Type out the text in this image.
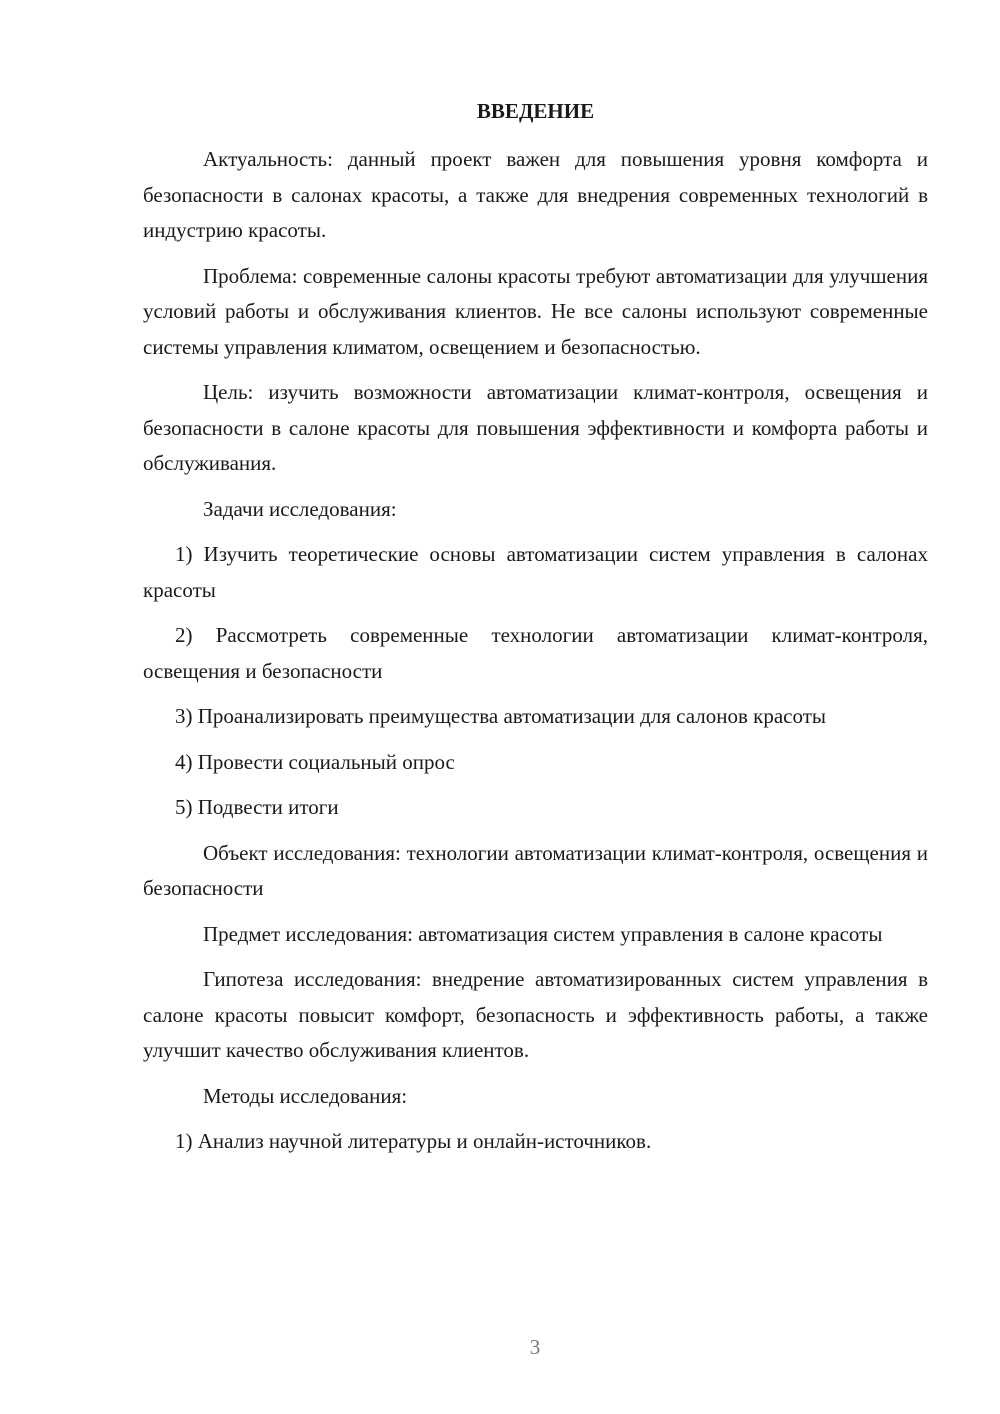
ВВЕДЕНИЕ

Актуальность: данный проект важен для повышения уровня комфорта и безопасности в салонах красоты, а также для внедрения современных технологий в индустрию красоты.

Проблема: современные салоны красоты требуют автоматизации для улучшения условий работы и обслуживания клиентов. Не все салоны используют современные системы управления климатом, освещением и безопасностью.

Цель: изучить возможности автоматизации климат-контроля, освещения и безопасности в салоне красоты для повышения эффективности и комфорта работы и обслуживания.

Задачи исследования:

1) Изучить теоретические основы автоматизации систем управления в салонах красоты

2) Рассмотреть современные технологии автоматизации климат-контроля, освещения и безопасности

3) Проанализировать преимущества автоматизации для салонов красоты

4) Провести социальный опрос

5) Подвести итоги

Объект исследования: технологии автоматизации климат-контроля, освещения и безопасности

Предмет исследования: автоматизация систем управления в салоне красоты

Гипотеза исследования: внедрение автоматизированных систем управления в салоне красоты повысит комфорт, безопасность и эффективность работы, а также улучшит качество обслуживания клиентов.

Методы исследования:

1) Анализ научной литературы и онлайн-источников.

3
